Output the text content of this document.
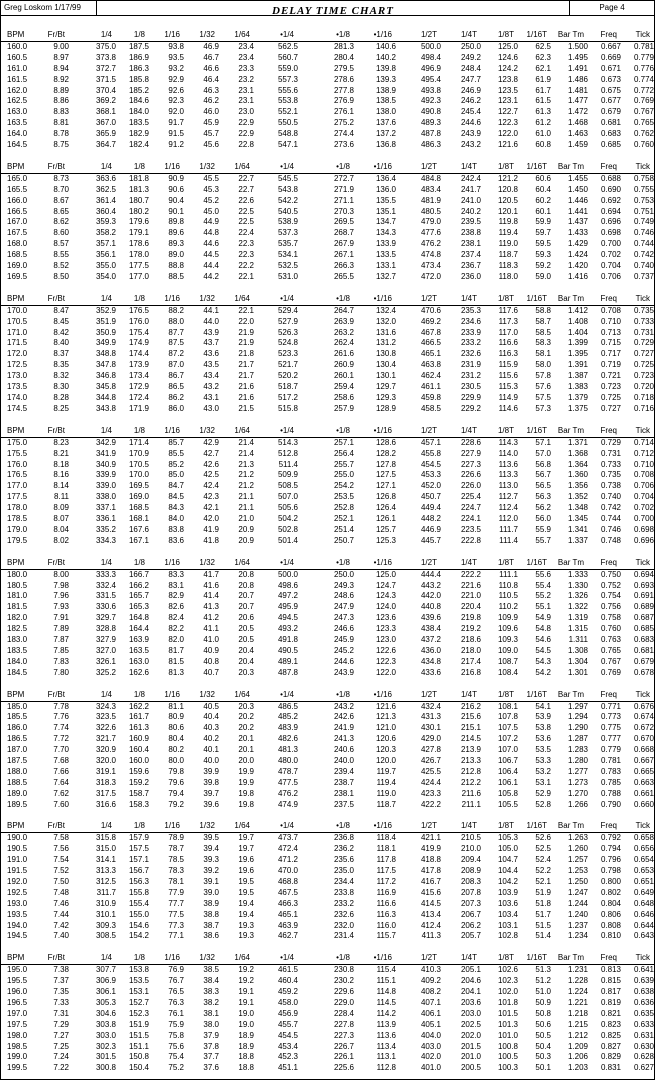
Greg Loskom 1/17/99	DELAY TIME CHART	Page 4
BPM	Fr/Bt	1/4	1/8	1/16	1/32	1/64	•1/4	•1/8	•1/16	1/2T	1/4T	1/8T	1/16T	Bar Tm	Freq	Tick
160.0	9.00	375.0	187.5	93.8	46.9	23.4	562.5	281.3	140.6	500.0	250.0	125.0	62.5	1.500	0.667	0.781
160.5	8.97	373.8	186.9	93.5	46.7	23.4	560.7	280.4	140.2	498.4	249.2	124.6	62.3	1.495	0.669	0.779
161.0	8.94	372.7	186.3	93.2	46.6	23.3	559.0	279.5	139.8	496.9	248.4	124.2	62.1	1.491	0.671	0.776
161.5	8.92	371.5	185.8	92.9	46.4	23.2	557.3	278.6	139.3	495.4	247.7	123.8	61.9	1.486	0.673	0.774
162.0	8.89	370.4	185.2	92.6	46.3	23.1	555.6	277.8	138.9	493.8	246.9	123.5	61.7	1.481	0.675	0.772
162.5	8.86	369.2	184.6	92.3	46.2	23.1	553.8	276.9	138.5	492.3	246.2	123.1	61.5	1.477	0.677	0.769
163.0	8.83	368.1	184.0	92.0	46.0	23.0	552.1	276.1	138.0	490.8	245.4	122.7	61.3	1.472	0.679	0.767
163.5	8.81	367.0	183.5	91.7	45.9	22.9	550.5	275.2	137.6	489.3	244.6	122.3	61.2	1.468	0.681	0.765
164.0	8.78	365.9	182.9	91.5	45.7	22.9	548.8	274.4	137.2	487.8	243.9	122.0	61.0	1.463	0.683	0.762
164.5	8.75	364.7	182.4	91.2	45.6	22.8	547.1	273.6	136.8	486.3	243.2	121.6	60.8	1.459	0.685	0.760
BPM	Fr/Bt	1/4	1/8	1/16	1/32	1/64	•1/4	•1/8	•1/16	1/2T	1/4T	1/8T	1/16T	Bar Tm	Freq	Tick
165.0	8.73	363.6	181.8	90.9	45.5	22.7	545.5	272.7	136.4	484.8	242.4	121.2	60.6	1.455	0.688	0.758
165.5	8.70	362.5	181.3	90.6	45.3	22.7	543.8	271.9	136.0	483.4	241.7	120.8	60.4	1.450	0.690	0.755
166.0	8.67	361.4	180.7	90.4	45.2	22.6	542.2	271.1	135.5	481.9	241.0	120.5	60.2	1.446	0.692	0.753
166.5	8.65	360.4	180.2	90.1	45.0	22.5	540.5	270.3	135.1	480.5	240.2	120.1	60.1	1.441	0.694	0.751
167.0	8.62	359.3	179.6	89.8	44.9	22.5	538.9	269.5	134.7	479.0	239.5	119.8	59.9	1.437	0.696	0.749
167.5	8.60	358.2	179.1	89.6	44.8	22.4	537.3	268.7	134.3	477.6	238.8	119.4	59.7	1.433	0.698	0.746
168.0	8.57	357.1	178.6	89.3	44.6	22.3	535.7	267.9	133.9	476.2	238.1	119.0	59.5	1.429	0.700	0.744
168.5	8.55	356.1	178.0	89.0	44.5	22.3	534.1	267.1	133.5	474.8	237.4	118.7	59.3	1.424	0.702	0.742
169.0	8.52	355.0	177.5	88.8	44.4	22.2	532.5	266.3	133.1	473.4	236.7	118.3	59.2	1.420	0.704	0.740
169.5	8.50	354.0	177.0	88.5	44.2	22.1	531.0	265.5	132.7	472.0	236.0	118.0	59.0	1.416	0.706	0.737
BPM	Fr/Bt	1/4	1/8	1/16	1/32	1/64	•1/4	•1/8	•1/16	1/2T	1/4T	1/8T	1/16T	Bar Tm	Freq	Tick
170.0	8.47	352.9	176.5	88.2	44.1	22.1	529.4	264.7	132.4	470.6	235.3	117.6	58.8	1.412	0.708	0.735
170.5	8.45	351.9	176.0	88.0	44.0	22.0	527.9	263.9	132.0	469.2	234.6	117.3	58.7	1.408	0.710	0.733
171.0	8.42	350.9	175.4	87.7	43.9	21.9	526.3	263.2	131.6	467.8	233.9	117.0	58.5	1.404	0.713	0.731
171.5	8.40	349.9	174.9	87.5	43.7	21.9	524.8	262.4	131.2	466.5	233.2	116.6	58.3	1.399	0.715	0.729
172.0	8.37	348.8	174.4	87.2	43.6	21.8	523.3	261.6	130.8	465.1	232.6	116.3	58.1	1.395	0.717	0.727
172.5	8.35	347.8	173.9	87.0	43.5	21.7	521.7	260.9	130.4	463.8	231.9	115.9	58.0	1.391	0.719	0.725
173.0	8.32	346.8	173.4	86.7	43.4	21.7	520.2	260.1	130.1	462.4	231.2	115.6	57.8	1.387	0.721	0.723
173.5	8.30	345.8	172.9	86.5	43.2	21.6	518.7	259.4	129.7	461.1	230.5	115.3	57.6	1.383	0.723	0.720
174.0	8.28	344.8	172.4	86.2	43.1	21.6	517.2	258.6	129.3	459.8	229.9	114.9	57.5	1.379	0.725	0.718
174.5	8.25	343.8	171.9	86.0	43.0	21.5	515.8	257.9	128.9	458.5	229.2	114.6	57.3	1.375	0.727	0.716
BPM	Fr/Bt	1/4	1/8	1/16	1/32	1/64	•1/4	•1/8	•1/16	1/2T	1/4T	1/8T	1/16T	Bar Tm	Freq	Tick
175.0	8.23	342.9	171.4	85.7	42.9	21.4	514.3	257.1	128.6	457.1	228.6	114.3	57.1	1.371	0.729	0.714
175.5	8.21	341.9	170.9	85.5	42.7	21.4	512.8	256.4	128.2	455.8	227.9	114.0	57.0	1.368	0.731	0.712
176.0	8.18	340.9	170.5	85.2	42.6	21.3	511.4	255.7	127.8	454.5	227.3	113.6	56.8	1.364	0.733	0.710
176.5	8.16	339.9	170.0	85.0	42.5	21.2	509.9	255.0	127.5	453.3	226.6	113.3	56.7	1.360	0.735	0.708
177.0	8.14	339.0	169.5	84.7	42.4	21.2	508.5	254.2	127.1	452.0	226.0	113.0	56.5	1.356	0.738	0.706
177.5	8.11	338.0	169.0	84.5	42.3	21.1	507.0	253.5	126.8	450.7	225.4	112.7	56.3	1.352	0.740	0.704
178.0	8.09	337.1	168.5	84.3	42.1	21.1	505.6	252.8	126.4	449.4	224.7	112.4	56.2	1.348	0.742	0.702
178.5	8.07	336.1	168.1	84.0	42.0	21.0	504.2	252.1	126.1	448.2	224.1	112.0	56.0	1.345	0.744	0.700
179.0	8.04	335.2	167.6	83.8	41.9	20.9	502.8	251.4	125.7	446.9	223.5	111.7	55.9	1.341	0.746	0.698
179.5	8.02	334.3	167.1	83.6	41.8	20.9	501.4	250.7	125.3	445.7	222.8	111.4	55.7	1.337	0.748	0.696
BPM	Fr/Bt	1/4	1/8	1/16	1/32	1/64	•1/4	•1/8	•1/16	1/2T	1/4T	1/8T	1/16T	Bar Tm	Freq	Tick
180.0	8.00	333.3	166.7	83.3	41.7	20.8	500.0	250.0	125.0	444.4	222.2	111.1	55.6	1.333	0.750	0.694
180.5	7.98	332.4	166.2	83.1	41.6	20.8	498.6	249.3	124.7	443.2	221.6	110.8	55.4	1.330	0.752	0.693
181.0	7.96	331.5	165.7	82.9	41.4	20.7	497.2	248.6	124.3	442.0	221.0	110.5	55.2	1.326	0.754	0.691
181.5	7.93	330.6	165.3	82.6	41.3	20.7	495.9	247.9	124.0	440.8	220.4	110.2	55.1	1.322	0.756	0.689
182.0	7.91	329.7	164.8	82.4	41.2	20.6	494.5	247.3	123.6	439.6	219.8	109.9	54.9	1.319	0.758	0.687
182.5	7.89	328.8	164.4	82.2	41.1	20.5	493.2	246.6	123.3	438.4	219.2	109.6	54.8	1.315	0.760	0.685
183.0	7.87	327.9	163.9	82.0	41.0	20.5	491.8	245.9	123.0	437.2	218.6	109.3	54.6	1.311	0.763	0.683
183.5	7.85	327.0	163.5	81.7	40.9	20.4	490.5	245.2	122.6	436.0	218.0	109.0	54.5	1.308	0.765	0.681
184.0	7.83	326.1	163.0	81.5	40.8	20.4	489.1	244.6	122.3	434.8	217.4	108.7	54.3	1.304	0.767	0.679
184.5	7.80	325.2	162.6	81.3	40.7	20.3	487.8	243.9	122.0	433.6	216.8	108.4	54.2	1.301	0.769	0.678
BPM	Fr/Bt	1/4	1/8	1/16	1/32	1/64	•1/4	•1/8	•1/16	1/2T	1/4T	1/8T	1/16T	Bar Tm	Freq	Tick
185.0	7.78	324.3	162.2	81.1	40.5	20.3	486.5	243.2	121.6	432.4	216.2	108.1	54.1	1.297	0.771	0.676
185.5	7.76	323.5	161.7	80.9	40.4	20.2	485.2	242.6	121.3	431.3	215.6	107.8	53.9	1.294	0.773	0.674
186.0	7.74	322.6	161.3	80.6	40.3	20.2	483.9	241.9	121.0	430.1	215.1	107.5	53.8	1.290	0.775	0.672
186.5	7.72	321.7	160.9	80.4	40.2	20.1	482.6	241.3	120.6	429.0	214.5	107.2	53.6	1.287	0.777	0.670
187.0	7.70	320.9	160.4	80.2	40.1	20.1	481.3	240.6	120.3	427.8	213.9	107.0	53.5	1.283	0.779	0.668
187.5	7.68	320.0	160.0	80.0	40.0	20.0	480.0	240.0	120.0	426.7	213.3	106.7	53.3	1.280	0.781	0.667
188.0	7.66	319.1	159.6	79.8	39.9	19.9	478.7	239.4	119.7	425.5	212.8	106.4	53.2	1.277	0.783	0.665
188.5	7.64	318.3	159.2	79.6	39.8	19.9	477.5	238.7	119.4	424.4	212.2	106.1	53.1	1.273	0.785	0.663
189.0	7.62	317.5	158.7	79.4	39.7	19.8	476.2	238.1	119.0	423.3	211.6	105.8	52.9	1.270	0.788	0.661
189.5	7.60	316.6	158.3	79.2	39.6	19.8	474.9	237.5	118.7	422.2	211.1	105.5	52.8	1.266	0.790	0.660
BPM	Fr/Bt	1/4	1/8	1/16	1/32	1/64	•1/4	•1/8	•1/16	1/2T	1/4T	1/8T	1/16T	Bar Tm	Freq	Tick
190.0	7.58	315.8	157.9	78.9	39.5	19.7	473.7	236.8	118.4	421.1	210.5	105.3	52.6	1.263	0.792	0.658
190.5	7.56	315.0	157.5	78.7	39.4	19.7	472.4	236.2	118.1	419.9	210.0	105.0	52.5	1.260	0.794	0.656
191.0	7.54	314.1	157.1	78.5	39.3	19.6	471.2	235.6	117.8	418.8	209.4	104.7	52.4	1.257	0.796	0.654
191.5	7.52	313.3	156.7	78.3	39.2	19.6	470.0	235.0	117.5	417.8	208.9	104.4	52.2	1.253	0.798	0.653
192.0	7.50	312.5	156.3	78.1	39.1	19.5	468.8	234.4	117.2	416.7	208.3	104.2	52.1	1.250	0.800	0.651
192.5	7.48	311.7	155.8	77.9	39.0	19.5	467.5	233.8	116.9	415.6	207.8	103.9	51.9	1.247	0.802	0.649
193.0	7.46	310.9	155.4	77.7	38.9	19.4	466.3	233.2	116.6	414.5	207.3	103.6	51.8	1.244	0.804	0.648
193.5	7.44	310.1	155.0	77.5	38.8	19.4	465.1	232.6	116.3	413.4	206.7	103.4	51.7	1.240	0.806	0.646
194.0	7.42	309.3	154.6	77.3	38.7	19.3	463.9	232.0	116.0	412.4	206.2	103.1	51.5	1.237	0.808	0.644
194.5	7.40	308.5	154.2	77.1	38.6	19.3	462.7	231.4	115.7	411.3	205.7	102.8	51.4	1.234	0.810	0.643
BPM	Fr/Bt	1/4	1/8	1/16	1/32	1/64	•1/4	•1/8	•1/16	1/2T	1/4T	1/8T	1/16T	Bar Tm	Freq	Tick
195.0	7.38	307.7	153.8	76.9	38.5	19.2	461.5	230.8	115.4	410.3	205.1	102.6	51.3	1.231	0.813	0.641
195.5	7.37	306.9	153.5	76.7	38.4	19.2	460.4	230.2	115.1	409.2	204.6	102.3	51.2	1.228	0.815	0.639
196.0	7.35	306.1	153.1	76.5	38.3	19.1	459.2	229.6	114.8	408.2	204.1	102.0	51.0	1.224	0.817	0.638
196.5	7.33	305.3	152.7	76.3	38.2	19.1	458.0	229.0	114.5	407.1	203.6	101.8	50.9	1.221	0.819	0.636
197.0	7.31	304.6	152.3	76.1	38.1	19.0	456.9	228.4	114.2	406.1	203.0	101.5	50.8	1.218	0.821	0.635
197.5	7.29	303.8	151.9	75.9	38.0	19.0	455.7	227.8	113.9	405.1	202.5	101.3	50.6	1.215	0.823	0.633
198.0	7.27	303.0	151.5	75.8	37.9	18.9	454.5	227.3	113.6	404.0	202.0	101.0	50.5	1.212	0.825	0.631
198.5	7.25	302.3	151.1	75.6	37.8	18.9	453.4	226.7	113.4	403.0	201.5	100.8	50.4	1.209	0.827	0.630
199.0	7.24	301.5	150.8	75.4	37.7	18.8	452.3	226.1	113.1	402.0	201.0	100.5	50.3	1.206	0.829	0.628
199.5	7.22	300.8	150.4	75.2	37.6	18.8	451.1	225.6	112.8	401.0	200.5	100.3	50.1	1.203	0.831	0.627
